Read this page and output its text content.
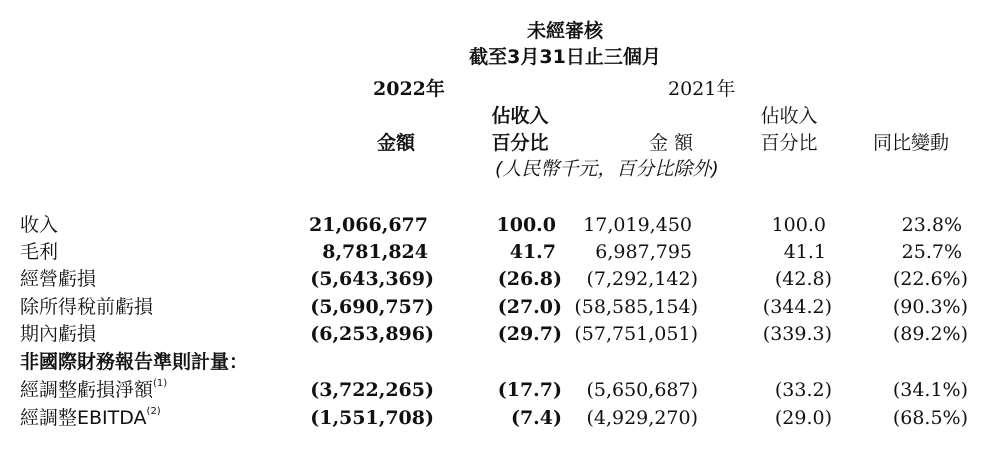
未經審核
截至3月31日止三個月
2022年	2021年
佔收入	佔收入
金額	百分比	金 額	百分比	同比變動
(人民幣千元，百分比除外)
收入	21,066,677	100.0 17,019,450	100.0	23.8%
毛利	8,781,824	41.7 6,987,795	41.1	25.7%
經營虧損	(5,643,369)	(26.8) (7,292,142)	(42.8)	(22.6%)
除所得稅前虧損	(5,690,757)	(27.0) (58,585,154)	(344.2)	(90.3%)
期內虧損	(6,253,896)	(29.7) (57,751,051)	(339.3)	(89.2%)
非國際財務報告準則計量：
經調整虧損淨額$^{(1)}$	(3,722,265)	(17.7) (5,650,687)	(33.2)	(34.1%)
經調整EBITDA$^{(2)}$	(1,551,708)	(7.4) (4,929,270)	(29.0)	(68.5%)
